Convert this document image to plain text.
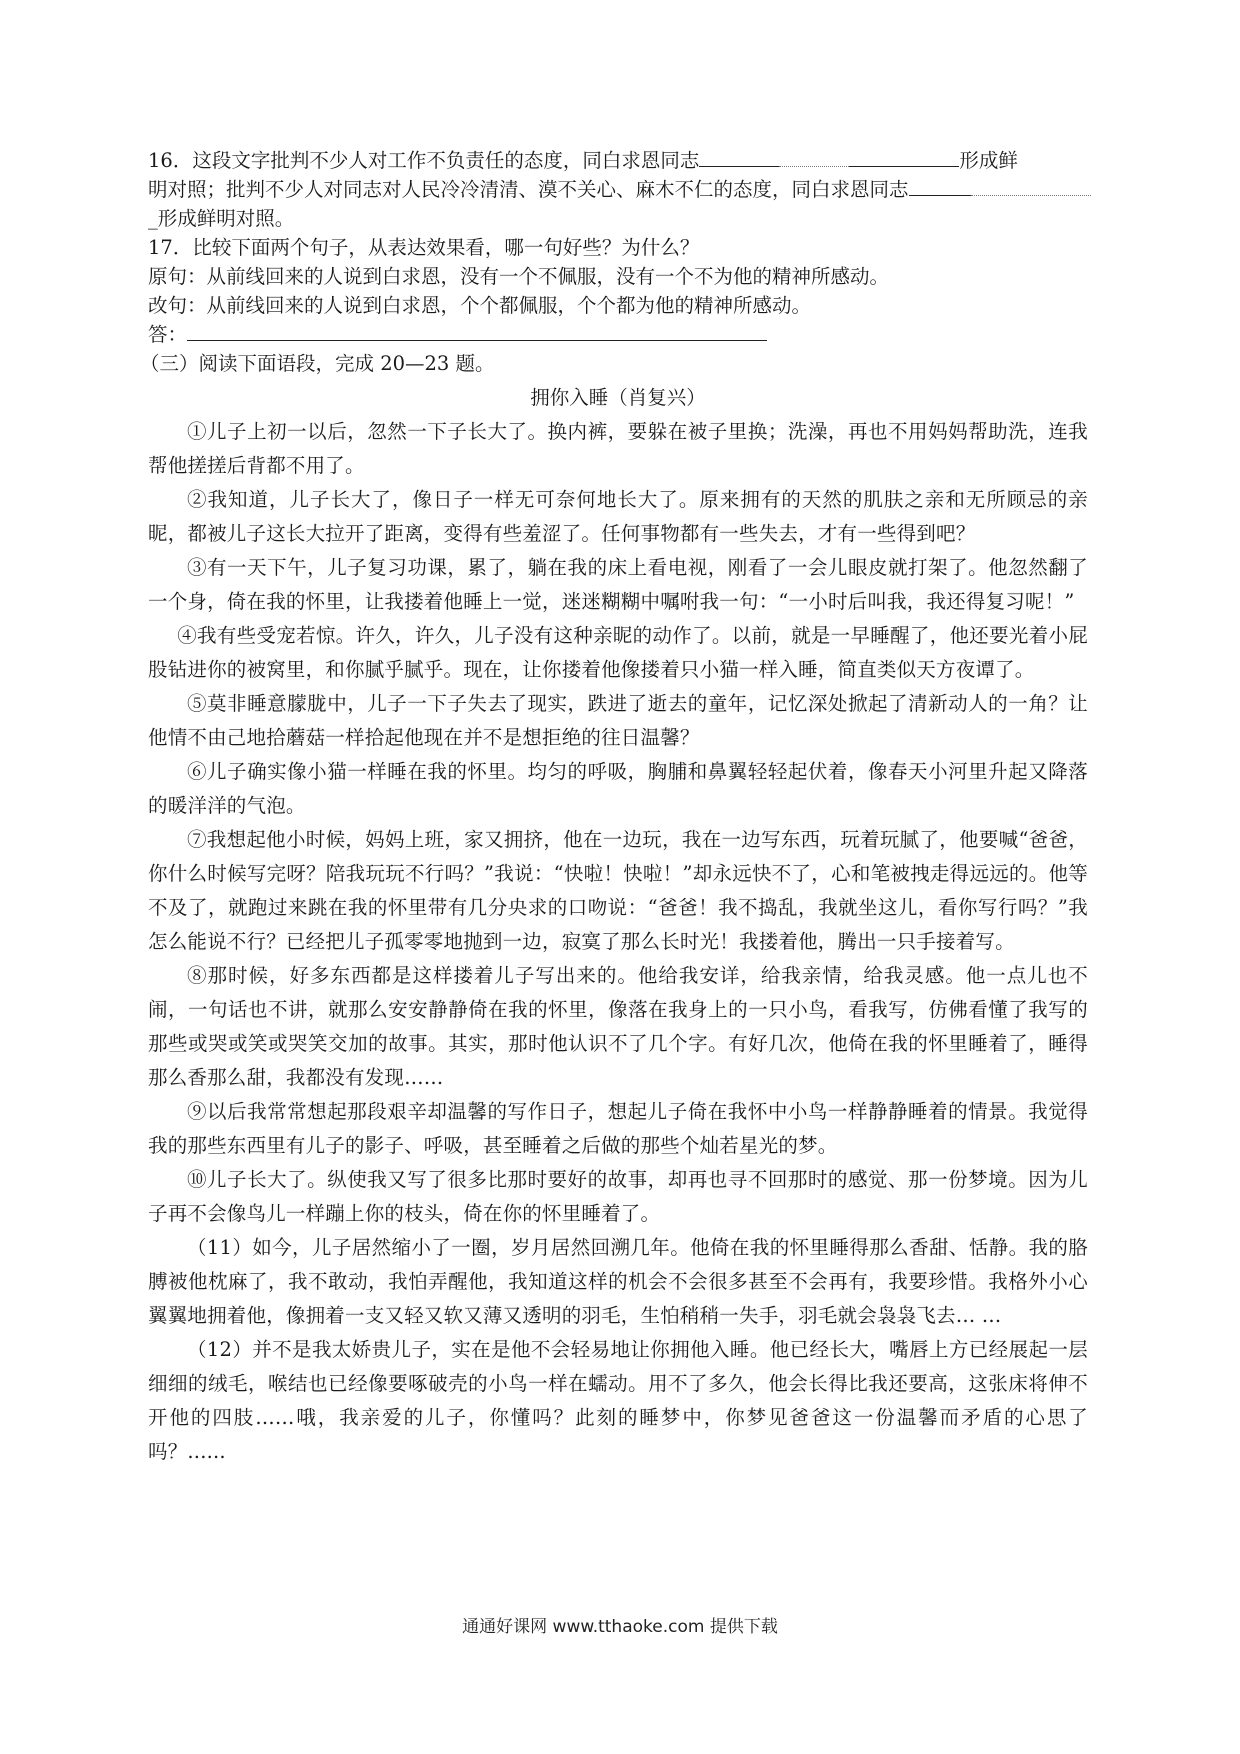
16．这段文字批判不少人对工作不负责任的态度，同白求恩同志	形成鲜
明对照；批判不少人对同志对人民冷冷清清、漠不关心、麻木不仁的态度，同白求恩同志
_形成鲜明对照。
17．比较下面两个句子，从表达效果看，哪一句好些？为什么？
原句：从前线回来的人说到白求恩，没有一个不佩服，没有一个不为他的精神所感动。
改句：从前线回来的人说到白求恩，个个都佩服，个个都为他的精神所感动。
答：
（三）阅读下面语段，完成 20—23 题。
拥你入睡（肖复兴）

①儿子上初一以后，忽然一下子长大了。换内裤，要躲在被子里换；洗澡，再也不用妈妈帮助洗，连我帮他搓搓后背都不用了。

②我知道，儿子长大了，像日子一样无可奈何地长大了。原来拥有的天然的肌肤之亲和无所顾忌的亲昵，都被儿子这长大拉开了距离，变得有些羞涩了。任何事物都有一些失去，才有一些得到吧？

③有一天下午，儿子复习功课，累了，躺在我的床上看电视，刚看了一会儿眼皮就打架了。他忽然翻了一个身，倚在我的怀里，让我搂着他睡上一觉，迷迷糊糊中嘱咐我一句：“一小时后叫我，我还得复习呢！”

④我有些受宠若惊。许久，许久，儿子没有这种亲昵的动作了。以前，就是一早睡醒了，他还要光着小屁股钻进你的被窝里，和你腻乎腻乎。现在，让你搂着他像搂着只小猫一样入睡，简直类似天方夜谭了。

⑤莫非睡意朦胧中，儿子一下子失去了现实，跌进了逝去的童年，记忆深处掀起了清新动人的一角？让他情不由己地拾蘑菇一样拾起他现在并不是想拒绝的往日温馨？

⑥儿子确实像小猫一样睡在我的怀里。均匀的呼吸，胸脯和鼻翼轻轻起伏着，像春天小河里升起又降落的暖洋洋的气泡。

⑦我想起他小时候，妈妈上班，家又拥挤，他在一边玩，我在一边写东西，玩着玩腻了，他要喊“爸爸，你什么时候写完呀？陪我玩玩不行吗？”我说：“快啦！快啦！”却永远快不了，心和笔被拽走得远远的。他等不及了，就跑过来跳在我的怀里带有几分央求的口吻说：“爸爸！我不捣乱，我就坐这儿，看你写行吗？”我怎么能说不行？已经把儿子孤零零地抛到一边，寂寞了那么长时光！我搂着他，腾出一只手接着写。

⑧那时候，好多东西都是这样搂着儿子写出来的。他给我安详，给我亲情，给我灵感。他一点儿也不闹，一句话也不讲，就那么安安静静倚在我的怀里，像落在我身上的一只小鸟，看我写，仿佛看懂了我写的那些或哭或笑或哭笑交加的故事。其实，那时他认识不了几个字。有好几次，他倚在我的怀里睡着了，睡得那么香那么甜，我都没有发现……

⑨以后我常常想起那段艰辛却温馨的写作日子，想起儿子倚在我怀中小鸟一样静静睡着的情景。我觉得我的那些东西里有儿子的影子、呼吸，甚至睡着之后做的那些个灿若星光的梦。

⑩儿子长大了。纵使我又写了很多比那时要好的故事，却再也寻不回那时的感觉、那一份梦境。因为儿子再不会像鸟儿一样蹦上你的枝头，倚在你的怀里睡着了。

（11）如今，儿子居然缩小了一圈，岁月居然回溯几年。他倚在我的怀里睡得那么香甜、恬静。我的胳膊被他枕麻了，我不敢动，我怕弄醒他，我知道这样的机会不会很多甚至不会再有，我要珍惜。我格外小心翼翼地拥着他，像拥着一支又轻又软又薄又透明的羽毛，生怕稍稍一失手，羽毛就会袅袅飞去… …

（12）并不是我太娇贵儿子，实在是他不会轻易地让你拥他入睡。他已经长大，嘴唇上方已经展起一层细细的绒毛，喉结也已经像要啄破壳的小鸟一样在蠕动。用不了多久，他会长得比我还要高，这张床将伸不开他的四肢……哦，我亲爱的儿子，你懂吗？此刻的睡梦中，你梦见爸爸这一份温馨而矛盾的心思了吗？......

通通好课网 www.tthaoke.com 提供下载
